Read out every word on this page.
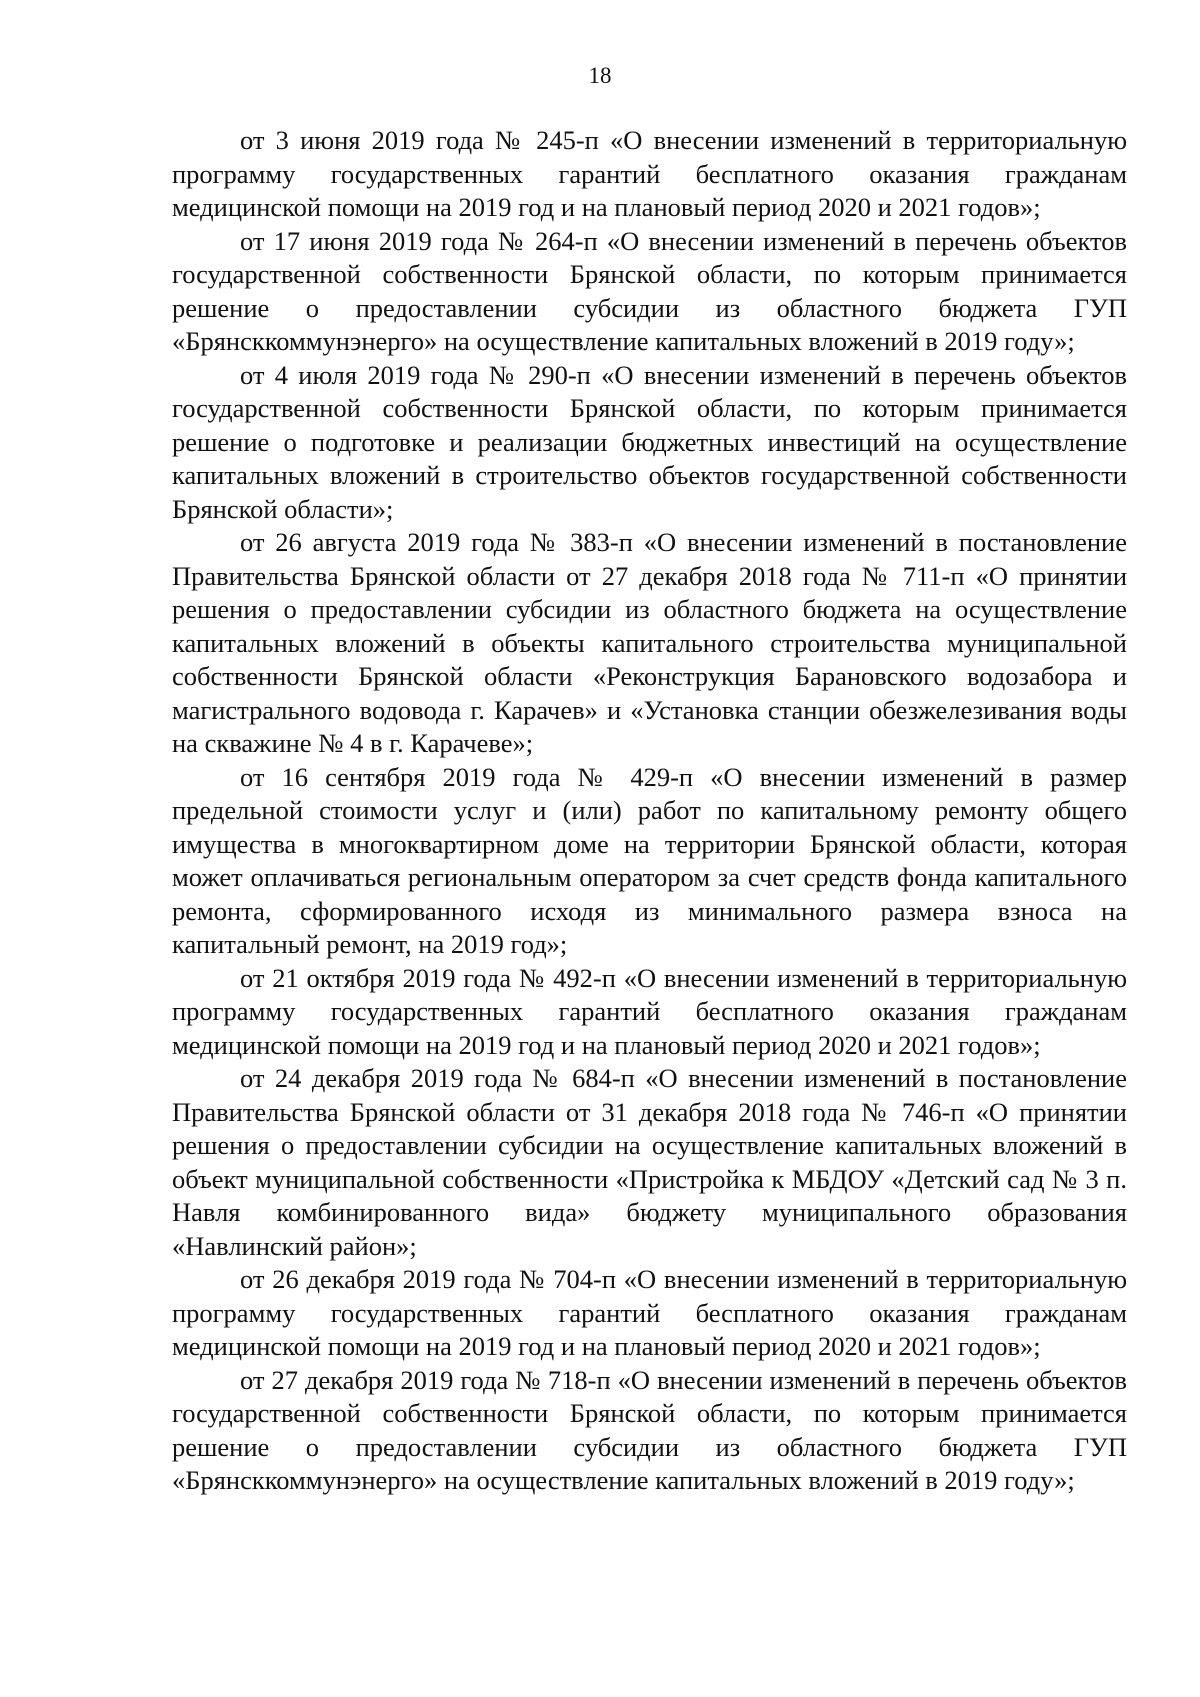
18

от 3 июня 2019 года № 245-п «О внесении изменений в территориальную программу государственных гарантий бесплатного оказания гражданам медицинской помощи на 2019 год и на плановый период 2020 и 2021 годов»;

от 17 июня 2019 года № 264-п «О внесении изменений в перечень объектов государственной собственности Брянской области, по которым принимается решение о предоставлении субсидии из областного бюджета ГУП «Брянсккоммунэнерго» на осуществление капитальных вложений в 2019 году»;

от 4 июля 2019 года № 290-п «О внесении изменений в перечень объектов государственной собственности Брянской области, по которым принимается решение о подготовке и реализации бюджетных инвестиций на осуществление капитальных вложений в строительство объектов государственной собственности Брянской области»;

от 26 августа 2019 года № 383-п «О внесении изменений в постановление Правительства Брянской области от 27 декабря 2018 года № 711-п «О принятии решения о предоставлении субсидии из областного бюджета на осуществление капитальных вложений в объекты капитального строительства муниципальной собственности Брянской области «Реконструкция Барановского водозабора и магистрального водовода г. Карачев» и «Установка станции обезжелезивания воды на скважине № 4 в г. Карачеве»;

от 16 сентября 2019 года № 429-п «О внесении изменений в размер предельной стоимости услуг и (или) работ по капитальному ремонту общего имущества в многоквартирном доме на территории Брянской области, которая может оплачиваться региональным оператором за счет средств фонда капитального ремонта, сформированного исходя из минимального размера взноса на капитальный ремонт, на 2019 год»;

от 21 октября 2019 года № 492-п «О внесении изменений в территориальную программу государственных гарантий бесплатного оказания гражданам медицинской помощи на 2019 год и на плановый период 2020 и 2021 годов»;

от 24 декабря 2019 года № 684-п «О внесении изменений в постановление Правительства Брянской области от 31 декабря 2018 года № 746-п «О принятии решения о предоставлении субсидии на осуществление капитальных вложений в объект муниципальной собственности «Пристройка к МБДОУ «Детский сад № 3 п. Навля комбинированного вида» бюджету муниципального образования «Навлинский район»;

от 26 декабря 2019 года № 704-п «О внесении изменений в территориальную программу государственных гарантий бесплатного оказания гражданам медицинской помощи на 2019 год и на плановый период 2020 и 2021 годов»;

от 27 декабря 2019 года № 718-п «О внесении изменений в перечень объектов государственной собственности Брянской области, по которым принимается решение о предоставлении субсидии из областного бюджета ГУП «Брянсккоммунэнерго» на осуществление капитальных вложений в 2019 году»;
